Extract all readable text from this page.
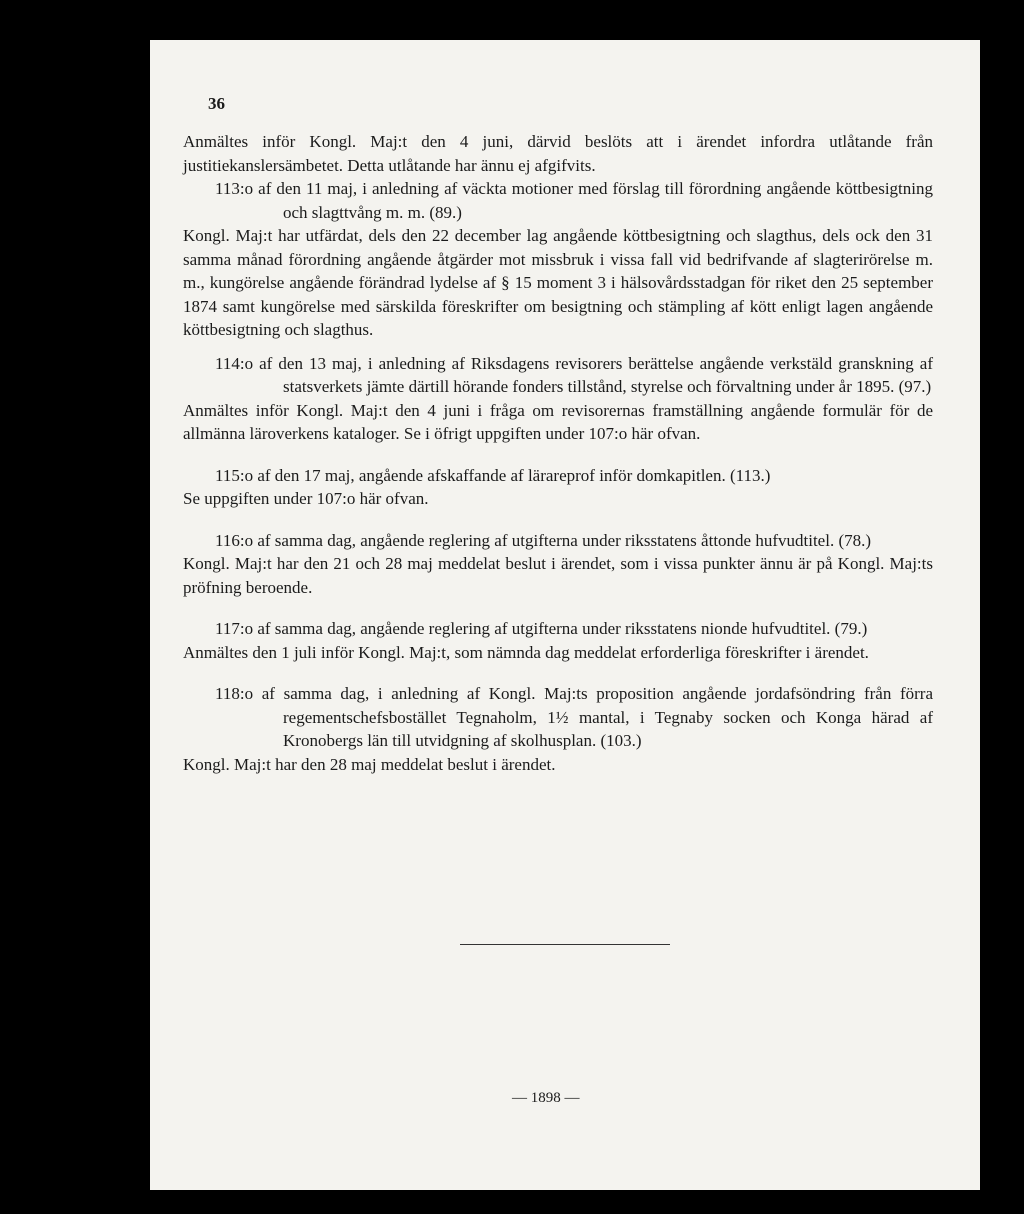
36

Anmältes inför Kongl. Maj:t den 4 juni, därvid beslöts att i ärendet infordra utlåtande från justitiekanslersämbetet. Detta utlåtande har ännu ej afgifvits.

113:o af den 11 maj, i anledning af väckta motioner med förslag till förordning angående köttbesigtning och slagttvång m. m. (89.)

Kongl. Maj:t har utfärdat, dels den 22 december lag angående köttbesigtning och slagthus, dels ock den 31 samma månad förordning angående åtgärder mot missbruk i vissa fall vid bedrifvande af slagterirörelse m. m., kungörelse angående förändrad lydelse af § 15 moment 3 i hälsovårdsstadgan för riket den 25 september 1874 samt kungörelse med särskilda föreskrifter om besigtning och stämpling af kött enligt lagen angående köttbesigtning och slagthus.

114:o af den 13 maj, i anledning af Riksdagens revisorers berättelse angående verkstäld granskning af statsverkets jämte därtill hörande fonders tillstånd, styrelse och förvaltning under år 1895. (97.)

Anmältes inför Kongl. Maj:t den 4 juni i fråga om revisorernas framställning angående formulär för de allmänna läroverkens kataloger. Se i öfrigt uppgiften under 107:o här ofvan.

115:o af den 17 maj, angående afskaffande af lärareprof inför domkapitlen. (113.)

Se uppgiften under 107:o här ofvan.

116:o af samma dag, angående reglering af utgifterna under riksstatens åttonde hufvudtitel. (78.)

Kongl. Maj:t har den 21 och 28 maj meddelat beslut i ärendet, som i vissa punkter ännu är på Kongl. Maj:ts pröfning beroende.

117:o af samma dag, angående reglering af utgifterna under riksstatens nionde hufvudtitel. (79.)

Anmältes den 1 juli inför Kongl. Maj:t, som nämnda dag meddelat erforderliga föreskrifter i ärendet.

118:o af samma dag, i anledning af Kongl. Maj:ts proposition angående jordafsöndring från förra regementschefsbostället Tegnaholm, 1½ mantal, i Tegnaby socken och Konga härad af Kronobergs län till utvidgning af skolhusplan. (103.)

Kongl. Maj:t har den 28 maj meddelat beslut i ärendet.

— 1898 —
